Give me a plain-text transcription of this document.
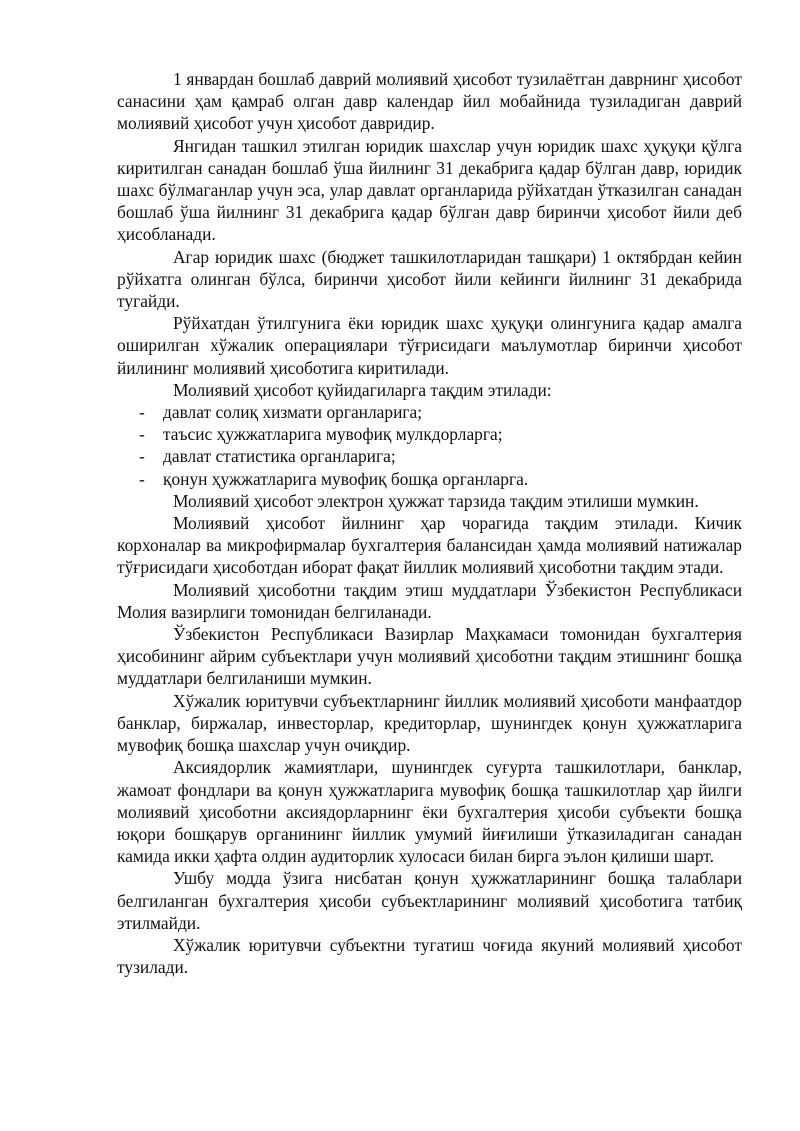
1 январдан бошлаб даврий молиявий ҳисобот тузилаётган даврнинг ҳисобот санасини ҳам қамраб олган давр календар йил мобайнида тузиладиган даврий молиявий ҳисобот учун ҳисобот давридир.

Янгидан ташкил этилган юридик шахслар учун юридик шахс ҳуқуқи қўлга киритилган санадан бошлаб ўша йилнинг 31 декабрига қадар бўлган давр, юридик шахс бўлмаганлар учун эса, улар давлат органларида рўйхатдан ўтказилган санадан бошлаб ўша йилнинг 31 декабрига қадар бўлган давр биринчи ҳисобот йили деб ҳисобланади.

Агар юридик шахс (бюджет ташкилотларидан ташқари) 1 октябрдан кейин рўйхатга олинган бўлса, биринчи ҳисобот йили кейинги йилнинг 31 декабрида тугайди.

Рўйхатдан ўтилгунига ёки юридик шахс ҳуқуқи олингунига қадар амалга оширилган хўжалик операциялари тўғрисидаги маълумотлар биринчи ҳисобот йилининг молиявий ҳисоботига киритилади.

Молиявий ҳисобот қуйидагиларга тақдим этилади:

- давлат солиқ хизмати органларига;
- таъсис ҳужжатларига мувофиқ мулкдорларга;
- давлат статистика органларига;
- қонун ҳужжатларига мувофиқ бошқа органларга.

Молиявий ҳисобот электрон ҳужжат тарзида тақдим этилиши мумкин.

Молиявий ҳисобот йилнинг ҳар чорагида тақдим этилади. Кичик корхоналар ва микрофирмалар бухгалтерия балансидан ҳамда молиявий натижалар тўғрисидаги ҳисоботдан иборат фақат йиллик молиявий ҳисоботни тақдим этади.

Молиявий ҳисоботни тақдим этиш муддатлари Ўзбекистон Республикаси Молия вазирлиги томонидан белгиланади.

Ўзбекистон Республикаси Вазирлар Маҳкамаси томонидан бухгалтерия ҳисобининг айрим субъектлари учун молиявий ҳисоботни тақдим этишнинг бошқа муддатлари белгиланиши мумкин.

Хўжалик юритувчи субъектларнинг йиллик молиявий ҳисоботи манфаатдор банклар, биржалар, инвесторлар, кредиторлар, шунингдек қонун ҳужжатларига мувофиқ бошқа шахслар учун очиқдир.

Аксиядорлик жамиятлари, шунингдек суғурта ташкилотлари, банклар, жамоат фондлари ва қонун ҳужжатларига мувофиқ бошқа ташкилотлар ҳар йилги молиявий ҳисоботни аксиядорларнинг ёки бухгалтерия ҳисоби субъекти бошқа юқори бошқарув органининг йиллик умумий йиғилиши ўтказиладиган санадан камида икки ҳафта олдин аудиторлик хулосаси билан бирга эълон қилиши шарт.

Ушбу модда ўзига нисбатан қонун ҳужжатларининг бошқа талаблари белгиланган бухгалтерия ҳисоби субъектларининг молиявий ҳисоботига татбиқ этилмайди.

Хўжалик юритувчи субъектни тугатиш чоғида якуний молиявий ҳисобот тузилади.
